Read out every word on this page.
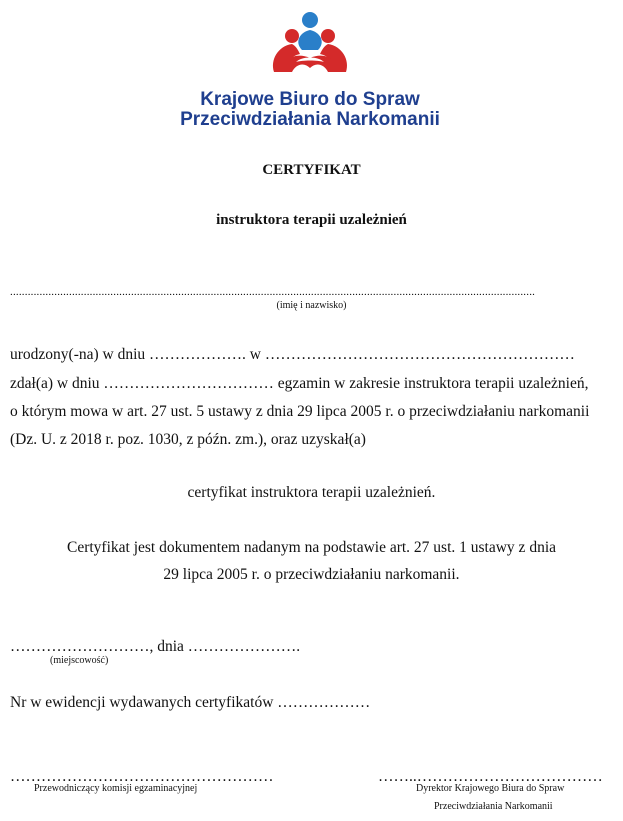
Krajowe Biuro do Spraw
Przeciwdziałania Narkomanii
CERTYFIKAT
instruktora terapii uzależnień
..................................................................................................................................................................................
(imię i nazwisko)
urodzony(-na) w dniu ………………. w ……………………………………………………
zdał(a) w dniu …………………………… egzamin w zakresie instruktora terapii uzależnień,
o którym mowa w art. 27 ust. 5 ustawy z dnia 29 lipca 2005 r. o przeciwdziałaniu narkomanii
(Dz. U. z 2018 r. poz. 1030, z późn. zm.), oraz uzyskał(a)
certyfikat instruktora terapii uzależnień.
Certyfikat jest dokumentem nadanym na podstawie art. 27 ust. 1 ustawy z dnia
29 lipca 2005 r. o przeciwdziałaniu narkomanii.
………………………, dnia ………………….
(miejscowość)
Nr w ewidencji wydawanych certyfikatów ………………
……………………………………………
Przewodniczący komisji egzaminacyjnej
……..………………………………
Dyrektor Krajowego Biura do Spraw
Przeciwdziałania Narkomanii
